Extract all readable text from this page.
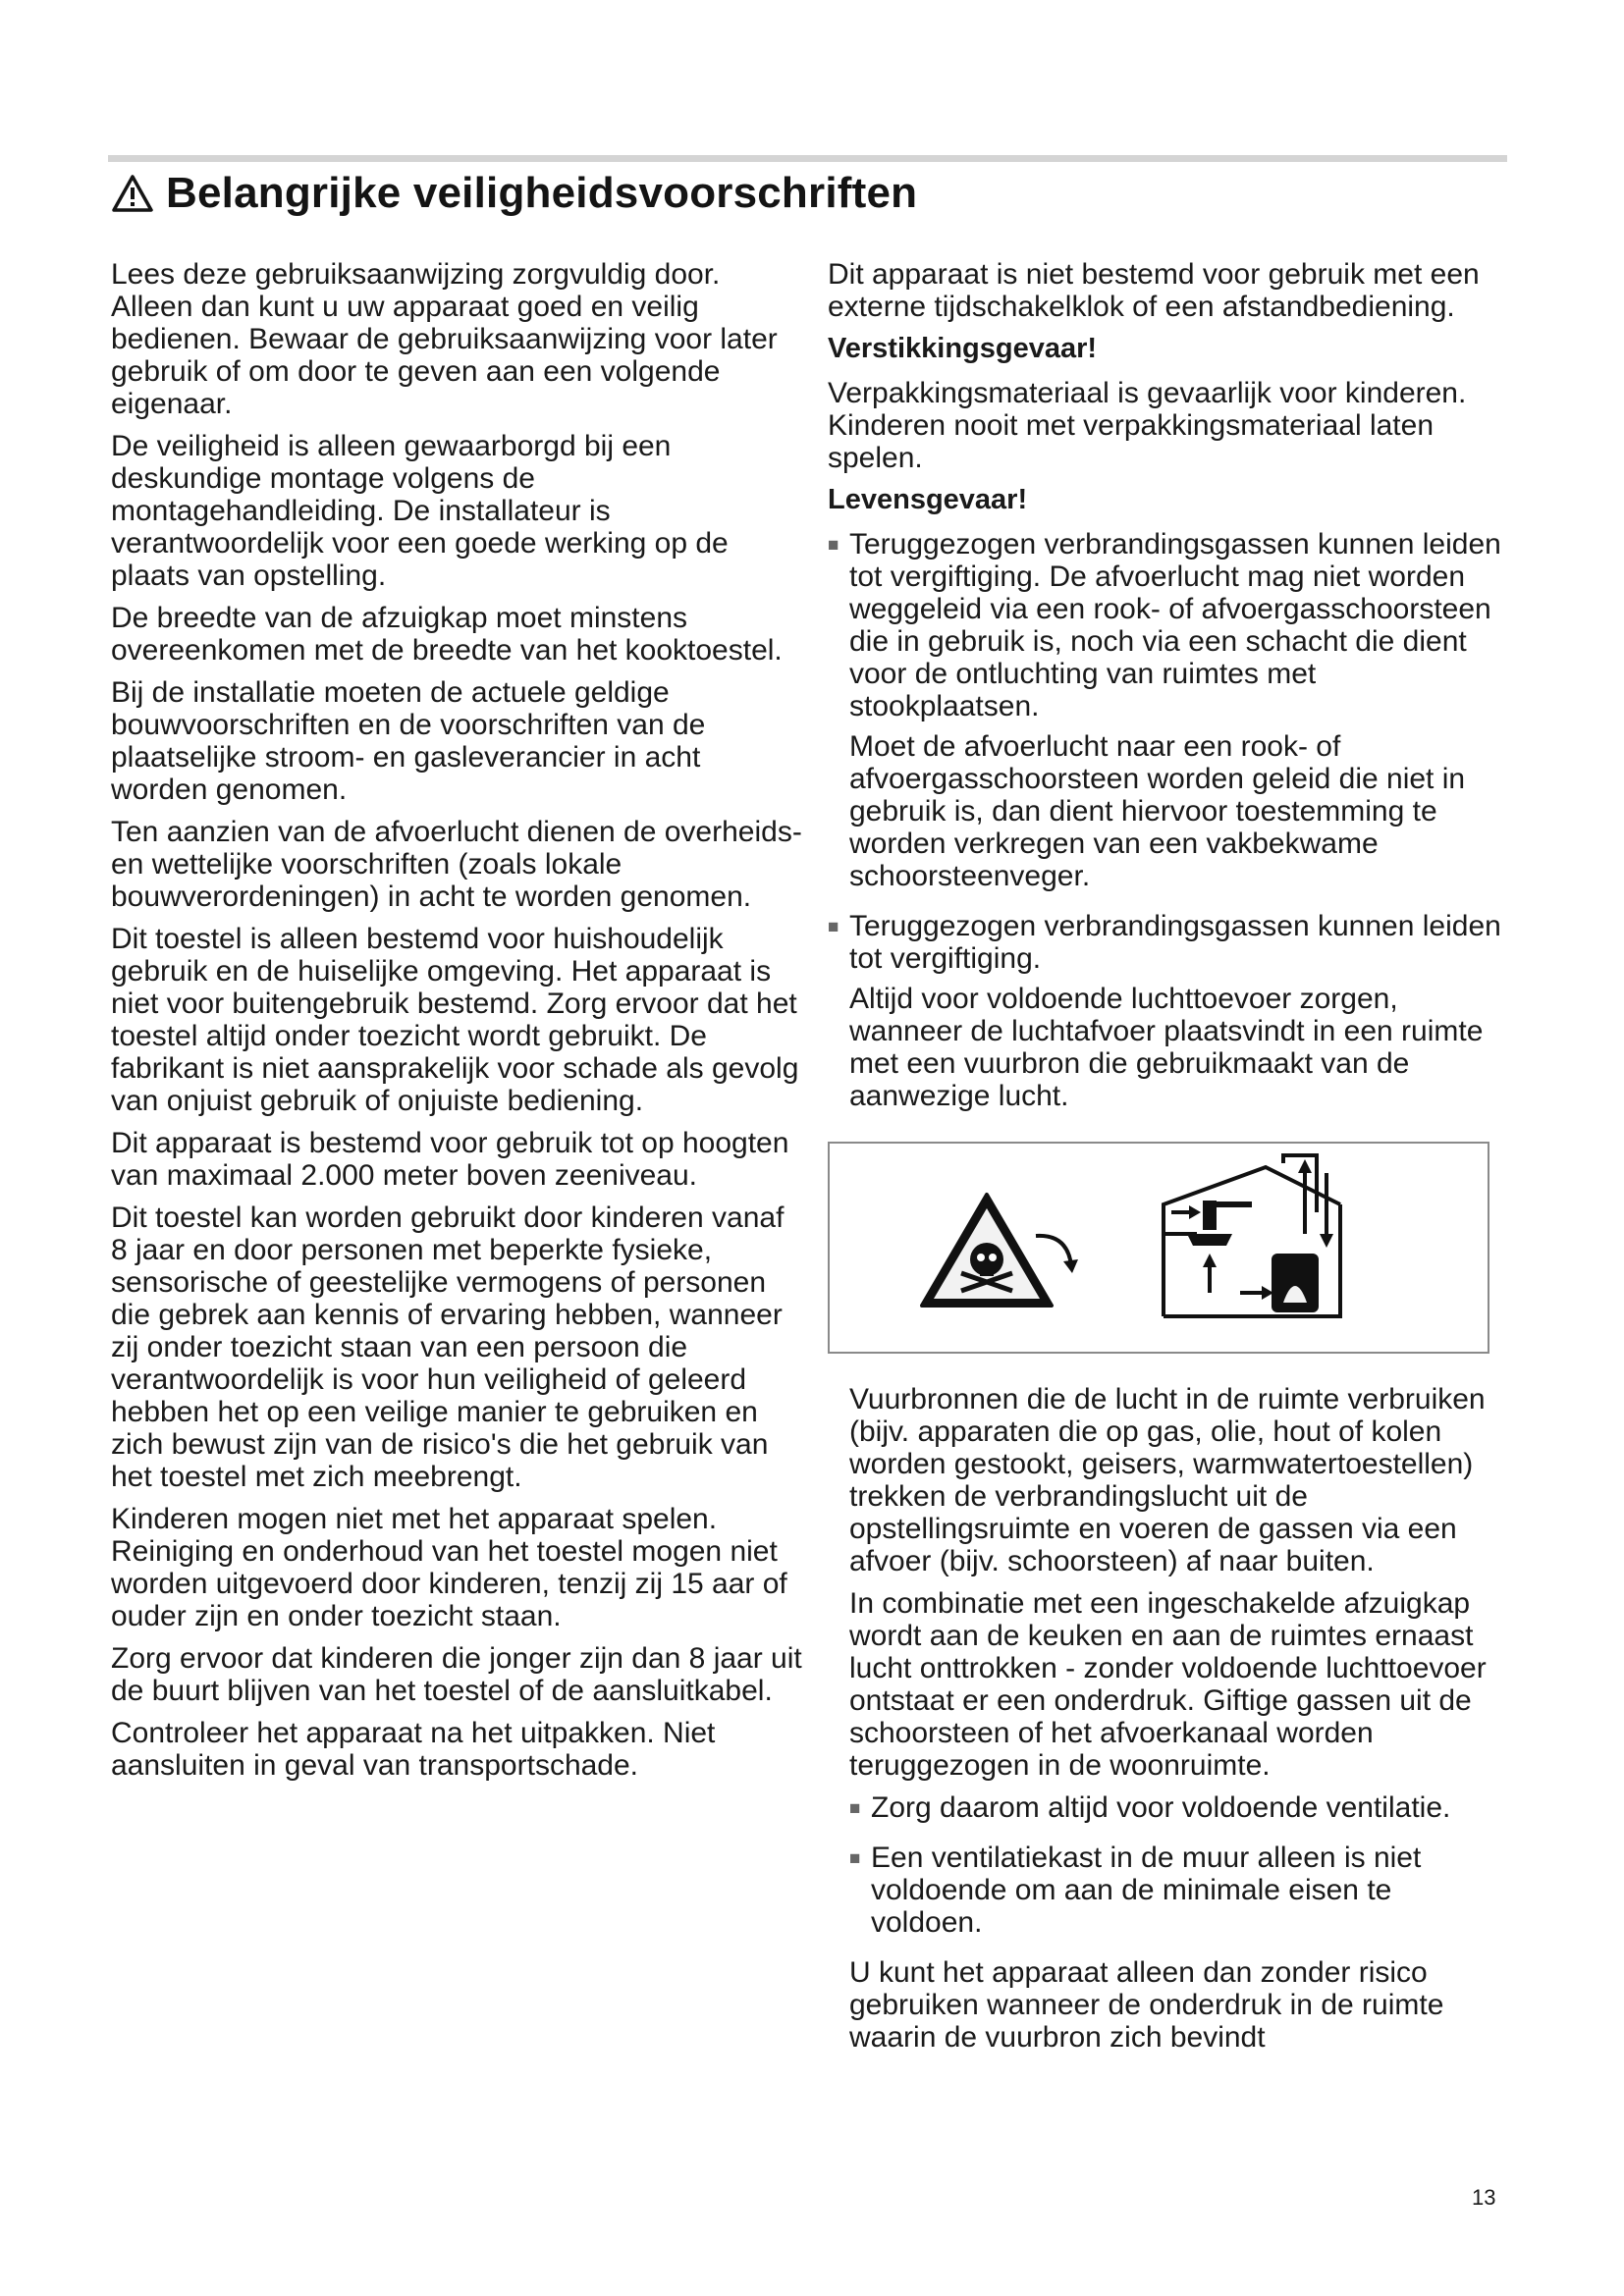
Belangrijke veiligheidsvoorschriften

Lees deze gebruiksaanwijzing zorgvuldig door. Alleen dan kunt u uw apparaat goed en veilig bedienen. Bewaar de gebruiksaanwijzing voor later gebruik of om door te geven aan een volgende eigenaar.

De veiligheid is alleen gewaarborgd bij een deskundige montage volgens de montagehandleiding. De installateur is verantwoordelijk voor een goede werking op de plaats van opstelling.

De breedte van de afzuigkap moet minstens overeenkomen met de breedte van het kooktoestel.

Bij de installatie moeten de actuele geldige bouwvoorschriften en de voorschriften van de plaatselijke stroom- en gasleverancier in acht worden genomen.

Ten aanzien van de afvoerlucht dienen de overheids- en wettelijke voorschriften (zoals lokale bouwverordeningen) in acht te worden genomen.

Dit toestel is alleen bestemd voor huishoudelijk gebruik en de huiselijke omgeving. Het apparaat is niet voor buitengebruik bestemd. Zorg ervoor dat het toestel altijd onder toezicht wordt gebruikt. De fabrikant is niet aansprakelijk voor schade als gevolg van onjuist gebruik of onjuiste bediening.

Dit apparaat is bestemd voor gebruik tot op hoogten van maximaal 2.000 meter boven zeeniveau.

Dit toestel kan worden gebruikt door kinderen vanaf 8 jaar en door personen met beperkte fysieke, sensorische of geestelijke vermogens of personen die gebrek aan kennis of ervaring hebben, wanneer zij onder toezicht staan van een persoon die verantwoordelijk is voor hun veiligheid of geleerd hebben het op een veilige manier te gebruiken en zich bewust zijn van de risico's die het gebruik van het toestel met zich meebrengt.

Kinderen mogen niet met het apparaat spelen. Reiniging en onderhoud van het toestel mogen niet worden uitgevoerd door kinderen, tenzij zij 15 aar of ouder zijn en onder toezicht staan.

Zorg ervoor dat kinderen die jonger zijn dan 8 jaar uit de buurt blijven van het toestel of de aansluitkabel.

Controleer het apparaat na het uitpakken. Niet aansluiten in geval van transportschade.

Dit apparaat is niet bestemd voor gebruik met een externe tijdschakelklok of een afstandbediening.

Verstikkingsgevaar!

Verpakkingsmateriaal is gevaarlijk voor kinderen. Kinderen nooit met verpakkingsmateriaal laten spelen.

Levensgevaar!
■ Teruggezogen verbrandingsgassen kunnen leiden tot vergiftiging. De afvoerlucht mag niet worden weggeleid via een rook- of afvoergasschoorsteen die in gebruik is, noch via een schacht die dient voor de ontluchting van ruimtes met stookplaatsen.

Moet de afvoerlucht naar een rook- of afvoergasschoorsteen worden geleid die niet in gebruik is, dan dient hiervoor toestemming te worden verkregen van een vakbekwame schoorsteenveger.

■ Teruggezogen verbrandingsgassen kunnen leiden tot vergiftiging.

Altijd voor voldoende luchttoevoer zorgen, wanneer de luchtafvoer plaatsvindt in een ruimte met een vuurbron die gebruikmaakt van de aanwezige lucht.

Vuurbronnen die de lucht in de ruimte verbruiken (bijv. apparaten die op gas, olie, hout of kolen worden gestookt, geisers, warmwatertoestellen) trekken de verbrandingslucht uit de opstellingsruimte en voeren de gassen via een afvoer (bijv. schoorsteen) af naar buiten.

In combinatie met een ingeschakelde afzuigkap wordt aan de keuken en aan de ruimtes ernaast lucht onttrokken - zonder voldoende luchttoevoer ontstaat er een onderdruk. Giftige gassen uit de schoorsteen of het afvoerkanaal worden teruggezogen in de woonruimte.

■ Zorg daarom altijd voor voldoende ventilatie.

■ Een ventilatiekast in de muur alleen is niet voldoende om aan de minimale eisen te voldoen.

U kunt het apparaat alleen dan zonder risico gebruiken wanneer de onderdruk in de ruimte waarin de vuurbron zich bevindt

13
